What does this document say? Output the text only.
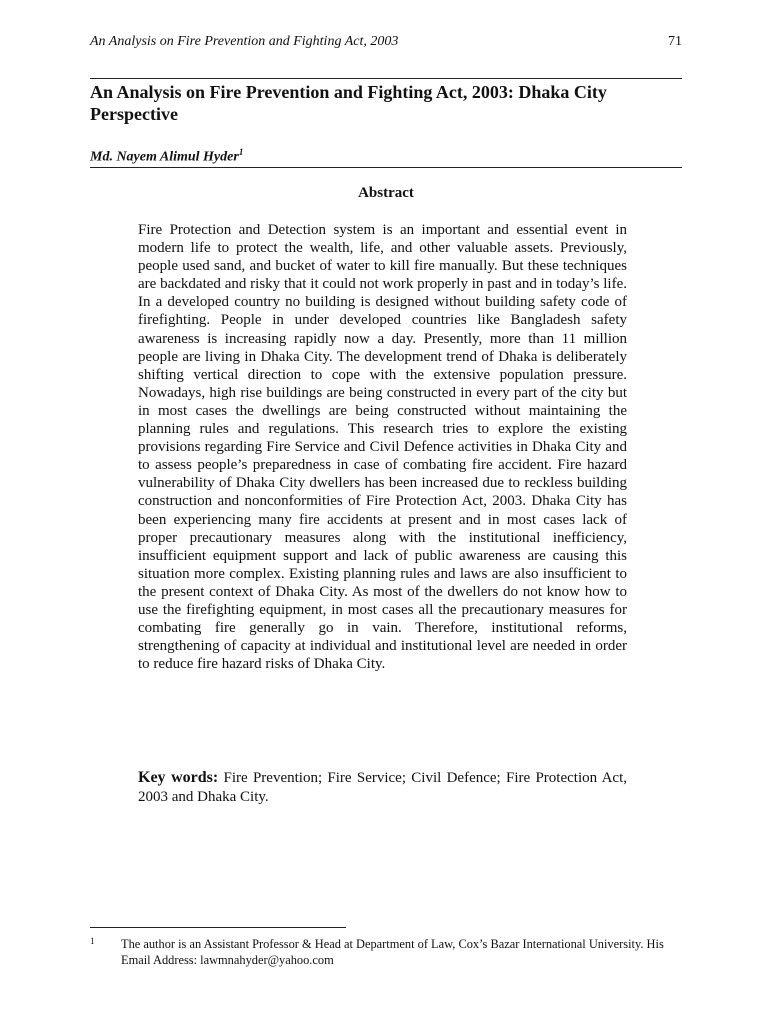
An Analysis on Fire Prevention and Fighting Act, 2003	71
An Analysis on Fire Prevention and Fighting Act, 2003: Dhaka City Perspective
Md. Nayem Alimul Hyder$^1$
Abstract

Fire Protection and Detection system is an important and essential event in modern life to protect the wealth, life, and other valuable assets. Previously, people used sand, and bucket of water to kill fire manually. But these techniques are backdated and risky that it could not work properly in past and in today’s life. In a developed country no building is designed without building safety code of firefighting. People in under developed countries like Bangladesh safety awareness is increasing rapidly now a day. Presently, more than 11 million people are living in Dhaka City. The development trend of Dhaka is deliberately shifting vertical direction to cope with the extensive population pressure. Nowadays, high rise buildings are being constructed in every part of the city but in most cases the dwellings are being constructed without maintaining the planning rules and regulations. This research tries to explore the existing provisions regarding Fire Service and Civil Defence activities in Dhaka City and to assess people’s preparedness in case of combating fire accident. Fire hazard vulnerability of Dhaka City dwellers has been increased due to reckless building construction and nonconformities of Fire Protection Act, 2003. Dhaka City has been experiencing many fire accidents at present and in most cases lack of proper precautionary measures along with the institutional inefficiency, insufficient equipment support and lack of public awareness are causing this situation more complex. Existing planning rules and laws are also insufficient to the present context of Dhaka City. As most of the dwellers do not know how to use the firefighting equipment, in most cases all the precautionary measures for combating fire generally go in vain. Therefore, institutional reforms, strengthening of capacity at individual and institutional level are needed in order to reduce fire hazard risks of Dhaka City.

Key words: Fire Prevention; Fire Service; Civil Defence; Fire Protection Act, 2003 and Dhaka City.

1 The author is an Assistant Professor & Head at Department of Law, Cox’s Bazar International University. His Email Address: lawmnahyder@yahoo.com
